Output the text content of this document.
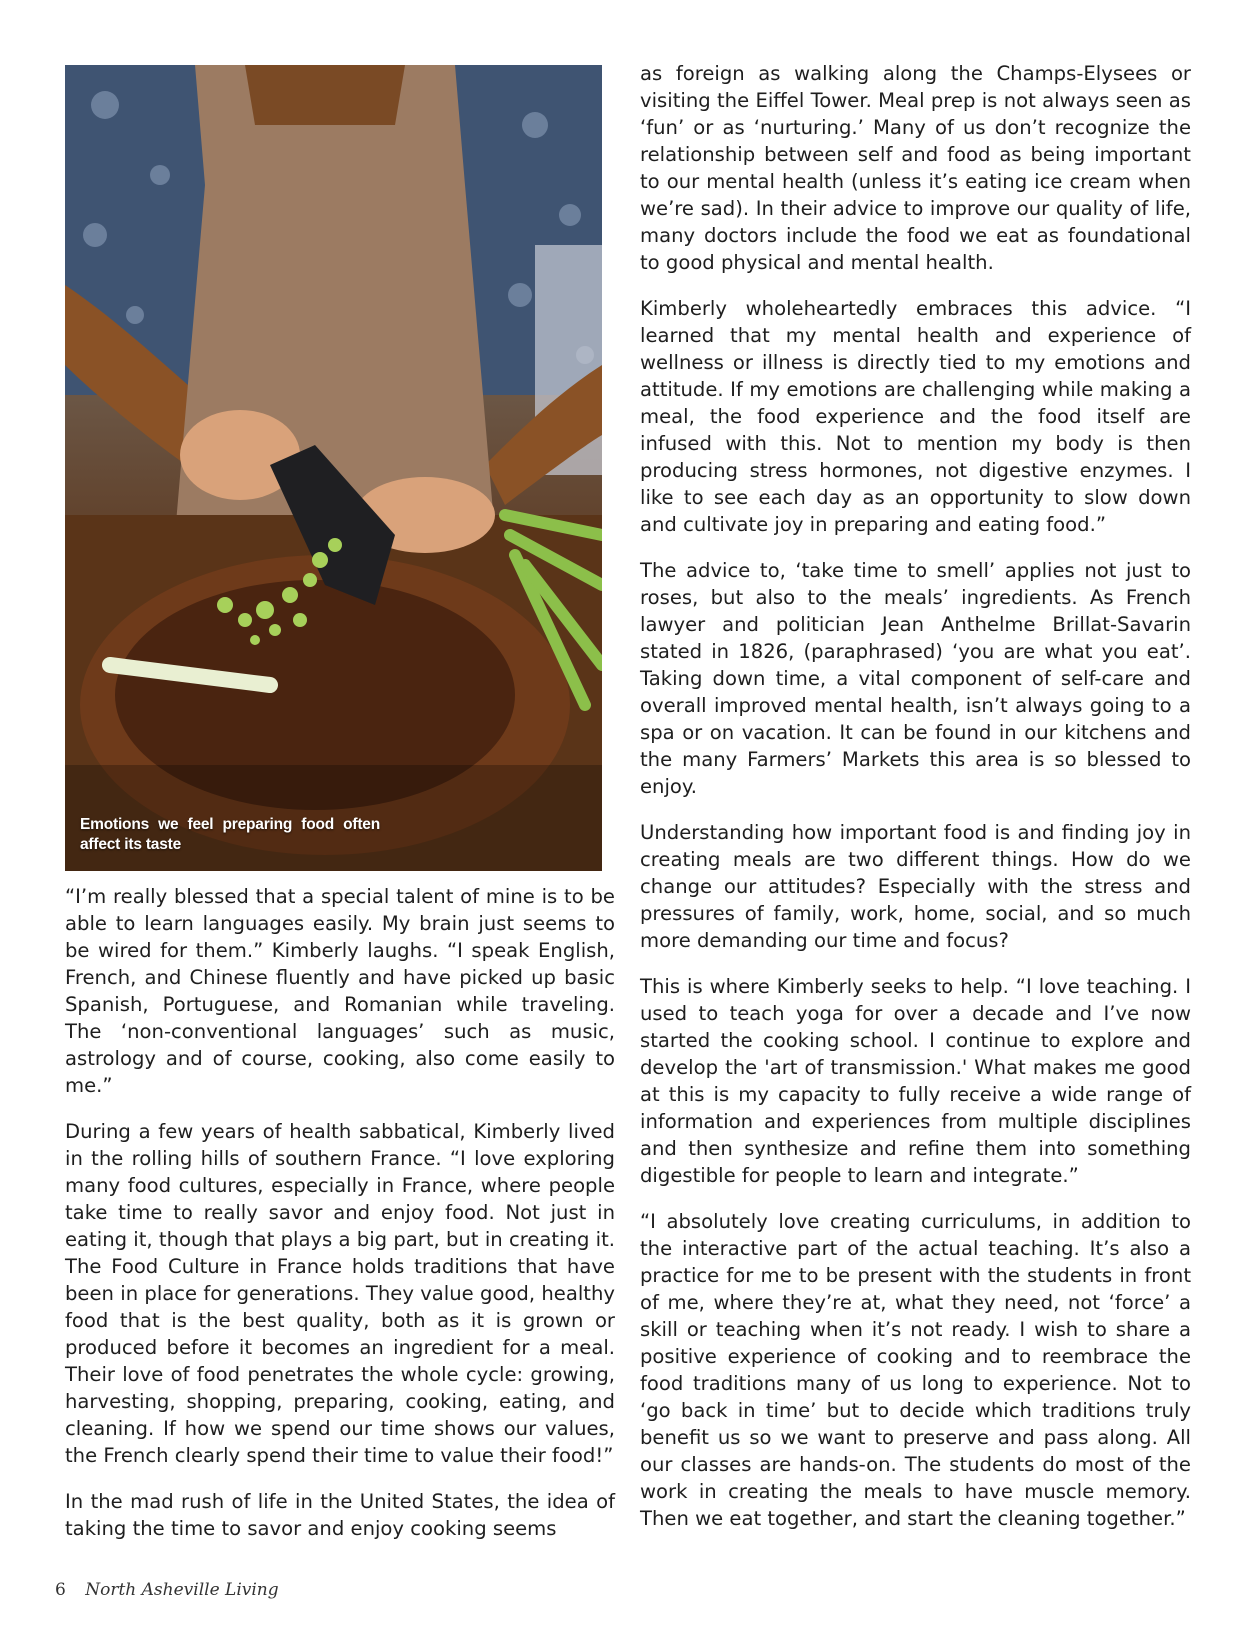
Emotions we feel preparing food often affect its taste

“I’m really blessed that a special talent of mine is to be able to learn languages easily. My brain just seems to be wired for them.” Kimberly laughs. “I speak English, French, and Chinese fluently and have picked up basic Spanish, Portuguese, and Romanian while traveling. The ‘non-conventional languages’ such as music, astrology and of course, cooking, also come easily to me.”

During a few years of health sabbatical, Kimberly lived in the rolling hills of southern France. “I love exploring many food cultures, especially in France, where people take time to really savor and enjoy food. Not just in eating it, though that plays a big part, but in creating it. The Food Culture in France holds traditions that have been in place for generations. They value good, healthy food that is the best quality, both as it is grown or produced before it becomes an ingredient for a meal. Their love of food penetrates the whole cycle: growing, harvesting, shopping, preparing, cooking, eating, and cleaning. If how we spend our time shows our values, the French clearly spend their time to value their food!”

In the mad rush of life in the United States, the idea of taking the time to savor and enjoy cooking seems

as foreign as walking along the Champs-Elysees or visiting the Eiffel Tower. Meal prep is not always seen as ‘fun’ or as ‘nurturing.’ Many of us don’t recognize the relationship between self and food as being important to our mental health (unless it’s eating ice cream when we’re sad). In their advice to improve our quality of life, many doctors include the food we eat as foundational to good physical and mental health.

Kimberly wholeheartedly embraces this advice. “I learned that my mental health and experience of wellness or illness is directly tied to my emotions and attitude. If my emotions are challenging while making a meal, the food experience and the food itself are infused with this. Not to mention my body is then producing stress hormones, not digestive enzymes. I like to see each day as an opportunity to slow down and cultivate joy in preparing and eating food.”

The advice to, ‘take time to smell’ applies not just to roses, but also to the meals’ ingredients. As French lawyer and politician Jean Anthelme Brillat-Savarin stated in 1826, (paraphrased) ‘you are what you eat’. Taking down time, a vital component of self-care and overall improved mental health, isn’t always going to a spa or on vacation. It can be found in our kitchens and the many Farmers’ Markets this area is so blessed to enjoy.

Understanding how important food is and finding joy in creating meals are two different things. How do we change our attitudes? Especially with the stress and pressures of family, work, home, social, and so much more demanding our time and focus?

This is where Kimberly seeks to help. “I love teaching. I used to teach yoga for over a decade and I’ve now started the cooking school. I continue to explore and develop the 'art of transmission.' What makes me good at this is my capacity to fully receive a wide range of information and experiences from multiple disciplines and then synthesize and refine them into something digestible for people to learn and integrate.”

“I absolutely love creating curriculums, in addition to the interactive part of the actual teaching. It’s also a practice for me to be present with the students in front of me, where they’re at, what they need, not ‘force’ a skill or teaching when it’s not ready. I wish to share a positive experience of cooking and to reembrace the food traditions many of us long to experience. Not to ‘go back in time’ but to decide which traditions truly benefit us so we want to preserve and pass along. All our classes are hands-on. The students do most of the work in creating the meals to have muscle memory. Then we eat together, and start the cleaning together.”

6 North Asheville Living
